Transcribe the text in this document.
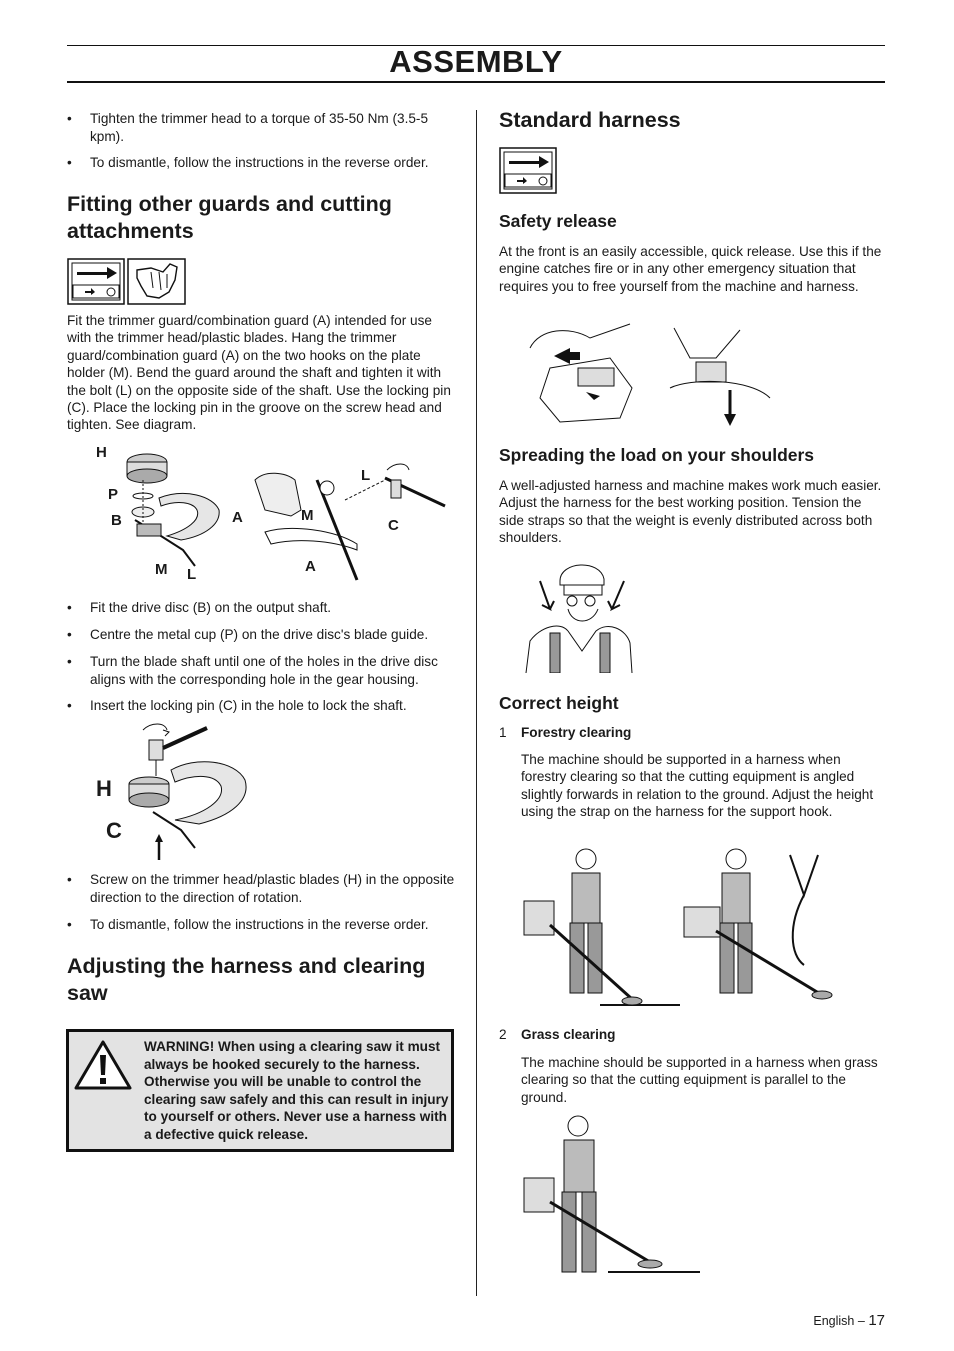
ASSEMBLY
• Tighten the trimmer head to a torque of 35-50 Nm (3.5-5 kpm).
• To dismantle, follow the instructions in the reverse order.
Fitting other guards and cutting attachments
Fit the trimmer guard/combination guard (A) intended for use with the trimmer head/plastic blades. Hang the trimmer guard/combination guard (A) on the two hooks on the plate holder (M). Bend the guard around the shaft and tighten it with the bolt (L) on the opposite side of the shaft. Use the locking pin (C). Place the locking pin in the groove on the screw head and tighten. See diagram.
H
P
B	A
M L
L
M
C
A
• Fit the drive disc (B) on the output shaft.
• Centre the metal cup (P) on the drive disc's blade guide.
• Turn the blade shaft until one of the holes in the drive disc aligns with the corresponding hole in the gear housing.
• Insert the locking pin (C) in the hole to lock the shaft.
H
C
• Screw on the trimmer head/plastic blades (H) in the opposite direction to the direction of rotation.
• To dismantle, follow the instructions in the reverse order.
Adjusting the harness and clearing saw
WARNING! When using a clearing saw it must always be hooked securely to the harness. Otherwise you will be unable to control the clearing saw safely and this can result in injury to yourself or others. Never use a harness with a defective quick release.
Standard harness
Safety release
At the front is an easily accessible, quick release. Use this if the engine catches fire or in any other emergency situation that requires you to free yourself from the machine and harness.
Spreading the load on your shoulders
A well-adjusted harness and machine makes work much easier. Adjust the harness for the best working position. Tension the side straps so that the weight is evenly distributed across both shoulders.
Correct height
1 Forestry clearing
The machine should be supported in a harness when forestry clearing so that the cutting equipment is angled slightly forwards in relation to the ground. Adjust the height using the strap on the harness for the support hook.
2 Grass clearing
The machine should be supported in a harness when grass clearing so that the cutting equipment is parallel to the ground.
English – 17
